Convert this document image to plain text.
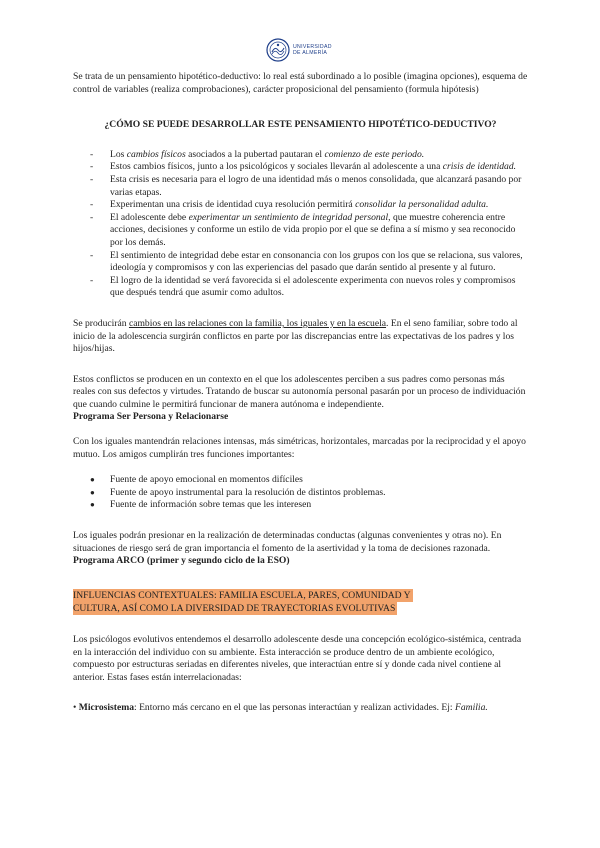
UNIVERSIDAD
DE ALMERÍA

Se trata de un pensamiento hipotético-deductivo: lo real está subordinado a lo posible (imagina opciones), esquema de control de variables (realiza comprobaciones), carácter proposicional del pensamiento (formula hipótesis)

¿CÓMO SE PUEDE DESARROLLAR ESTE PENSAMIENTO HIPOTÉTICO-DEDUCTIVO?

- Los cambios físicos asociados a la pubertad pautaran el comienzo de este periodo.
- Estos cambios físicos, junto a los psicológicos y sociales llevarán al adolescente a una crisis de identidad.
- Esta crisis es necesaria para el logro de una identidad más o menos consolidada, que alcanzará pasando por varias etapas.
- Experimentan una crisis de identidad cuya resolución permitirá consolidar la personalidad adulta.
- El adolescente debe experimentar un sentimiento de integridad personal, que muestre coherencia entre acciones, decisiones y conforme un estilo de vida propio por el que se defina a sí mismo y sea reconocido por los demás.
- El sentimiento de integridad debe estar en consonancia con los grupos con los que se relaciona, sus valores, ideología y compromisos y con las experiencias del pasado que darán sentido al presente y al futuro.
- El logro de la identidad se verá favorecida si el adolescente experimenta con nuevos roles y compromisos que después tendrá que asumir como adultos.

Se producirán cambios en las relaciones con la familia, los iguales y en la escuela. En el seno familiar, sobre todo al inicio de la adolescencia surgirán conflictos en parte por las discrepancias entre las expectativas de los padres y los hijos/hijas.

Estos conflictos se producen en un contexto en el que los adolescentes perciben a sus padres como personas más reales con sus defectos y virtudes. Tratando de buscar su autonomía personal pasarán por un proceso de individuación que cuando culmine le permitirá funcionar de manera autónoma e independiente.

Programa Ser Persona y Relacionarse

Con los iguales mantendrán relaciones intensas, más simétricas, horizontales, marcadas por la reciprocidad y el apoyo mutuo. Los amigos cumplirán tres funciones importantes:

● Fuente de apoyo emocional en momentos difíciles
● Fuente de apoyo instrumental para la resolución de distintos problemas.
● Fuente de información sobre temas que les interesen

Los iguales podrán presionar en la realización de determinadas conductas (algunas convenientes y otras no). En situaciones de riesgo será de gran importancia el fomento de la asertividad y la toma de decisiones razonada.

Programa ARCO (primer y segundo ciclo de la ESO)

INFLUENCIAS CONTEXTUALES: FAMILIA ESCUELA, PARES, COMUNIDAD Y
CULTURA, ASÍ COMO LA DIVERSIDAD DE TRAYECTORIAS EVOLUTIVAS

Los psicólogos evolutivos entendemos el desarrollo adolescente desde una concepción ecológico-sistémica, centrada en la interacción del individuo con su ambiente. Esta interacción se produce dentro de un ambiente ecológico, compuesto por estructuras seriadas en diferentes niveles, que interactúan entre sí y donde cada nivel contiene al anterior. Estas fases están interrelacionadas:

• Microsistema: Entorno más cercano en el que las personas interactúan y realizan actividades. Ej: Familia.
